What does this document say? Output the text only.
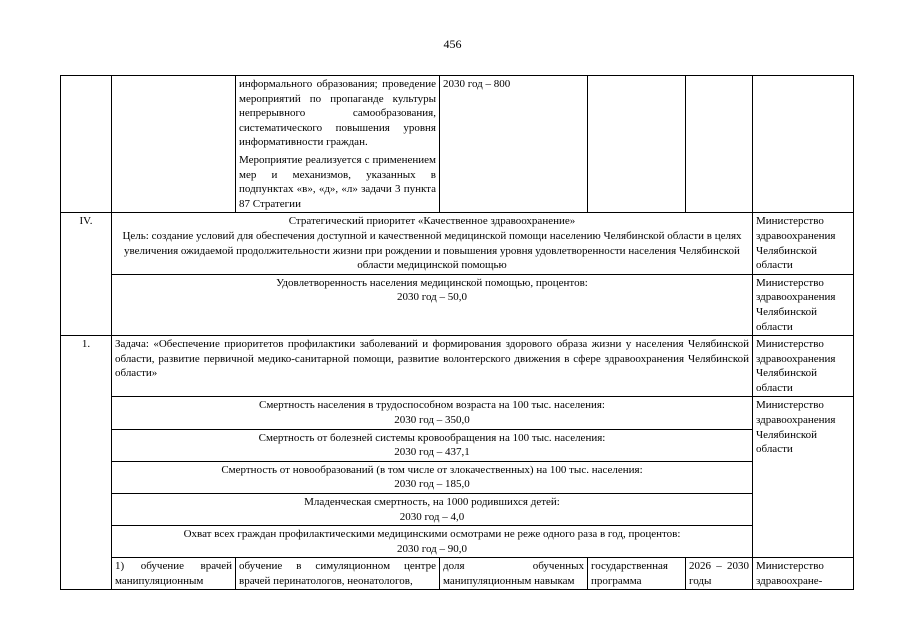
456

		информального образования; проведение мероприятий по пропаганде культуры непрерывного самообразования, систематического повышения уровня информативности граждан.
Мероприятие реализуется с применением мер и механизмов, указанных в подпунктах «в», «д», «л» задачи 3 пункта 87 Стратегии	2030 год – 800			
IV.	Стратегический приоритет «Качественное здравоохранение»
Цель: создание условий для обеспечения доступной и качественной медицинской помощи населению Челябинской области в целях увеличения ожидаемой продолжительности жизни при рождении и повышения уровня удовлетворенности населения Челябинской области медицинской помощью					Министерство здравоохранения Челябинской области

	Удовлетворенность населения медицинской помощью, процентов:
2030 год – 50,0					Министерство здравоохранения Челябинской области
1.	Задача: «Обеспечение приоритетов профилактики заболеваний и формирования здорового образа жизни у населения Челябинской области, развитие первичной медико-санитарной помощи, развитие волонтерского движения в сфере здравоохранения Челябинской области»					Министерство здравоохранения Челябинской области

	Смертность населения в трудоспособном возраста на 100 тыс. населения:
2030 год – 350,0					Министерство здравоохранения Челябинской области

	Смертность от болезней системы кровообращения на 100 тыс. населения:
2030 год – 437,1					

	Смертность от новообразований (в том числе от злокачественных) на 100 тыс. населения:
2030 год – 185,0					

	Младенческая смертность, на 1000 родившихся детей:
2030 год – 4,0					

	Охват всех граждан профилактическими медицинскими осмотрами не реже одного раза в год, процентов:
2030 год – 90,0					

	1) обучение врачей манипуляционным	обучение в симуляционном центре врачей перинатологов, неонатологов,	доля обученных манипуляционным навыкам	государственная программа	2026 – 2030 годы	Министерство здравоохране-
